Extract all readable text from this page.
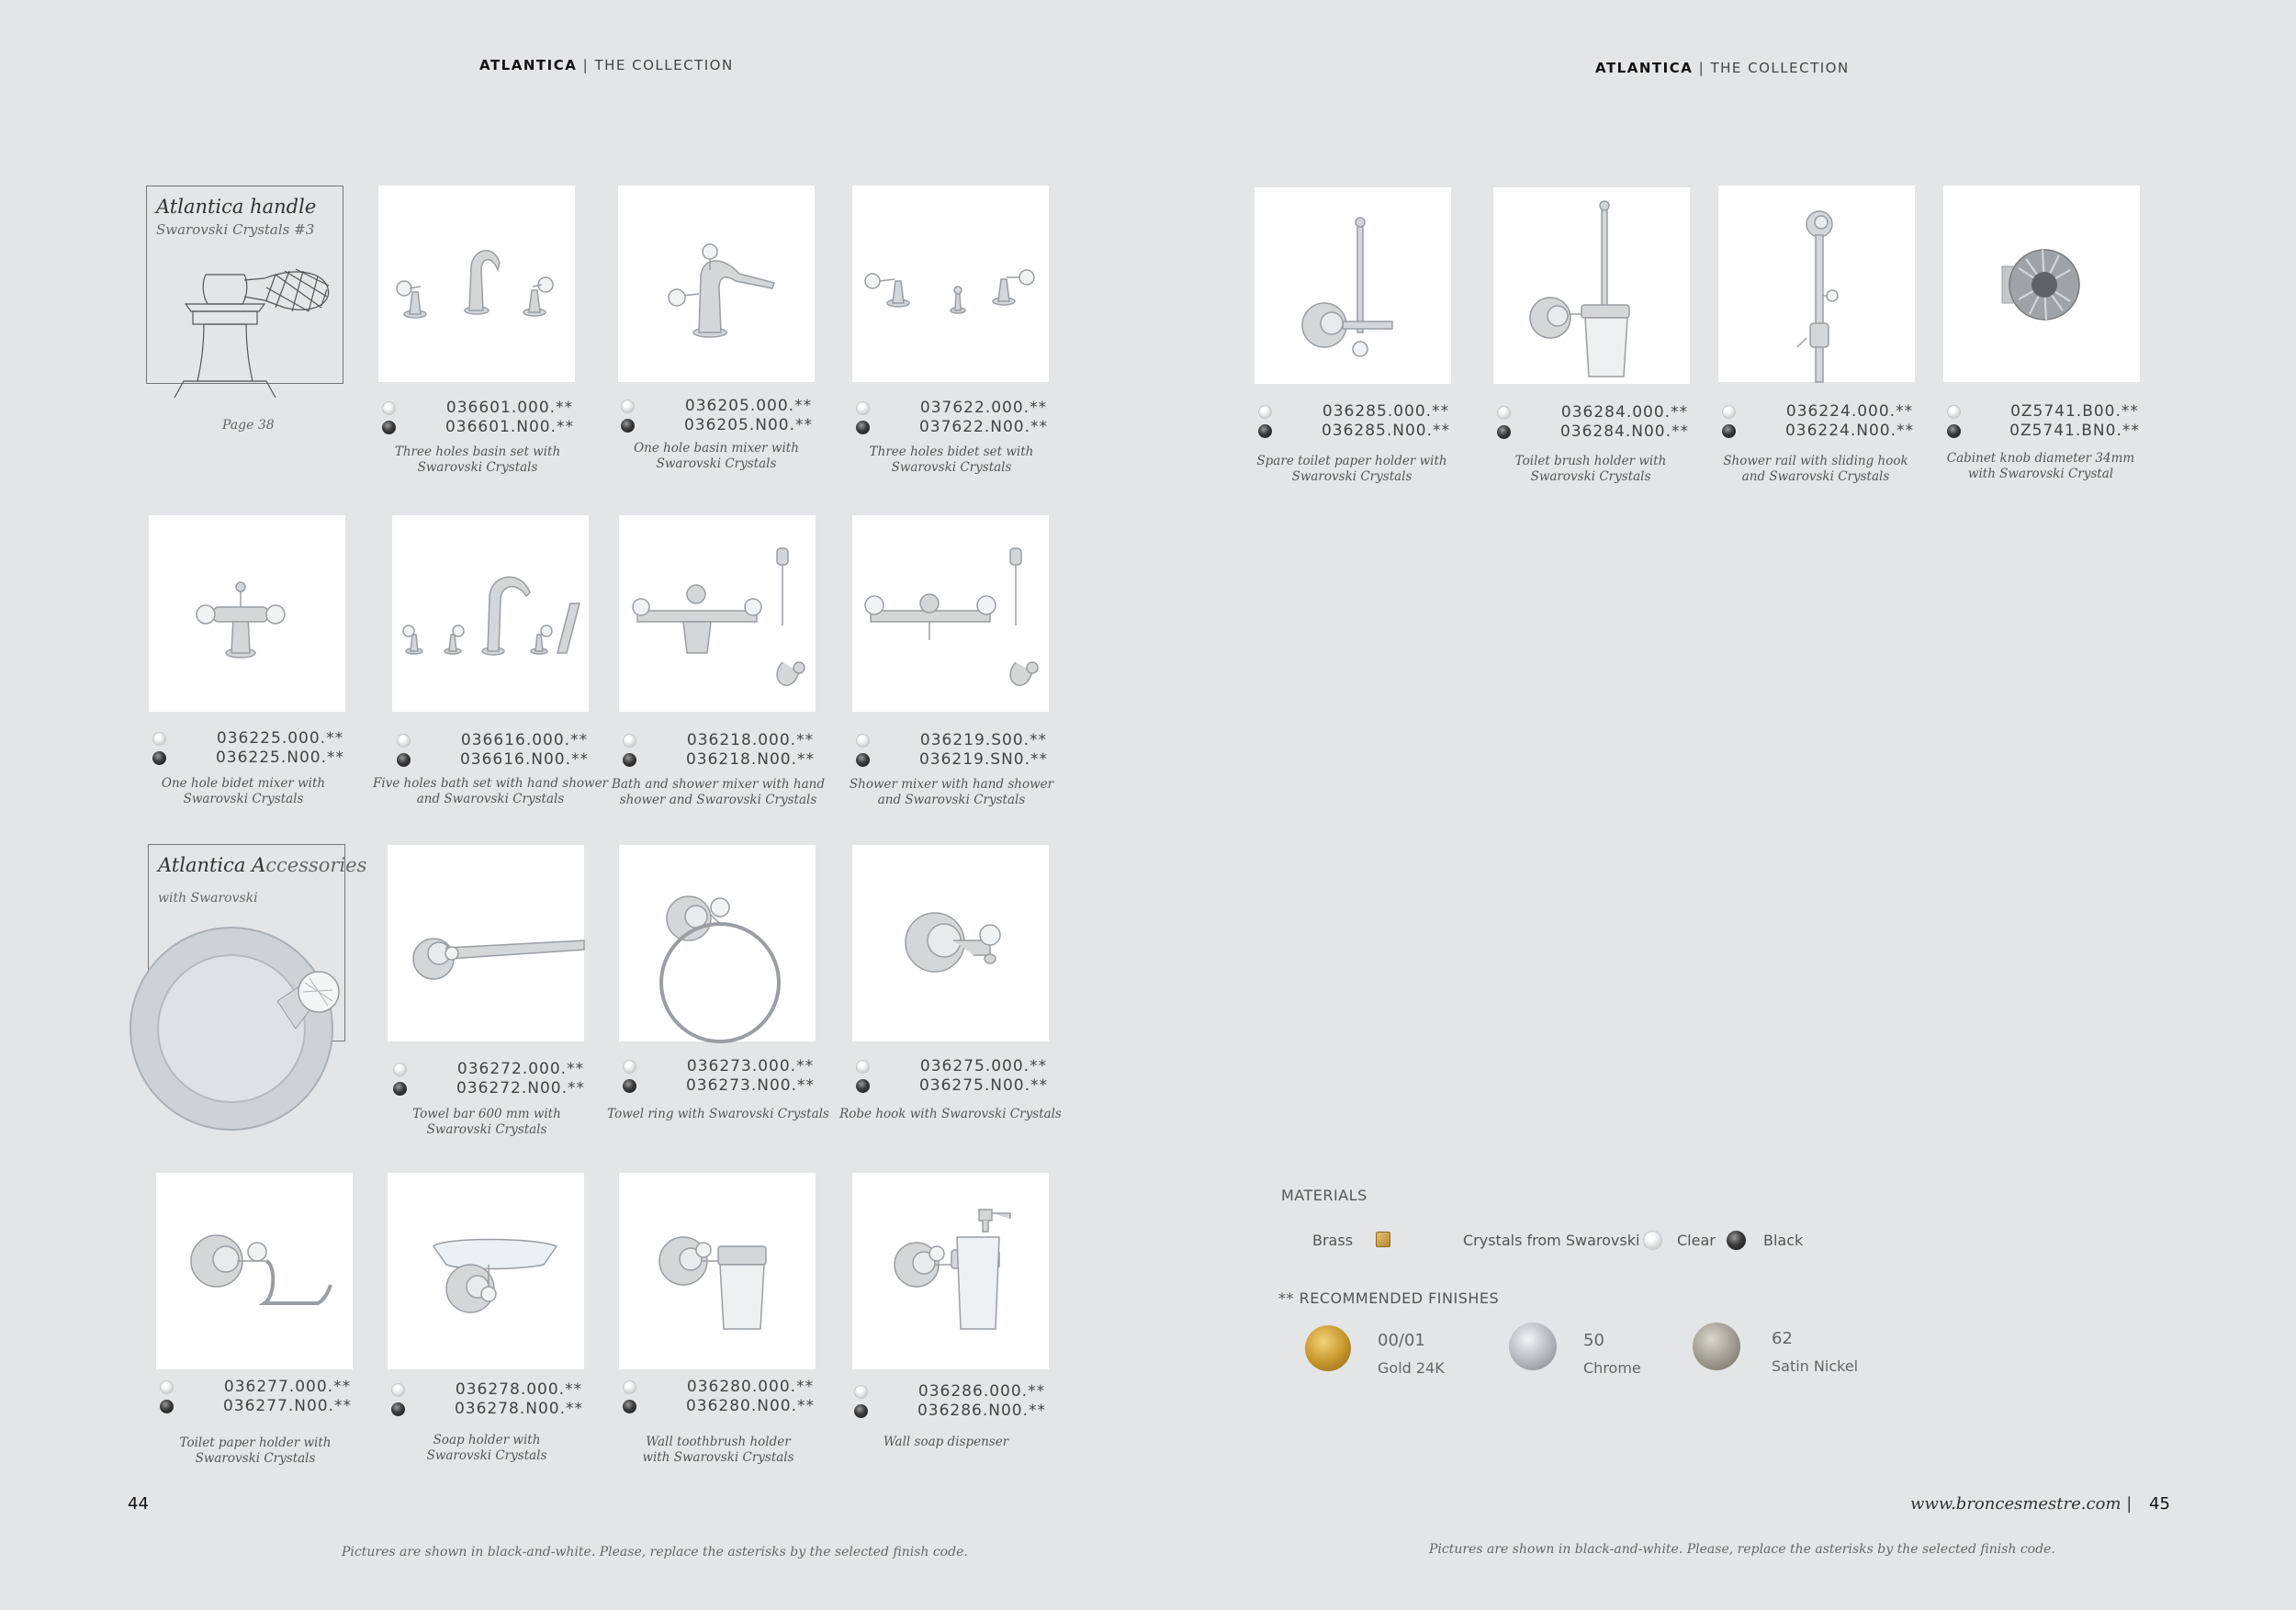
ATLANTICA | THE COLLECTION
Atlantica handle
Swarovski Crystals #3
Page 38
036601.000.**
036601.N00.**
Three holes basin set with
Swarovski Crystals
036205.000.**
036205.N00.**
One hole basin mixer with
Swarovski Crystals
037622.000.**
037622.N00.**
Three holes bidet set with
Swarovski Crystals
036225.000.**
036225.N00.**
One hole bidet mixer with
Swarovski Crystals
036616.000.**
036616.N00.**
Five holes bath set with hand shower
and Swarovski Crystals
036218.000.**
036218.N00.**
Bath and shower mixer with hand
shower and Swarovski Crystals
036219.S00.**
036219.SN0.**
Shower mixer with hand shower
and Swarovski Crystals
Atlantica Accessories
with Swarovski
036272.000.**
036272.N00.**
Towel bar 600 mm with
Swarovski Crystals
036273.000.**
036273.N00.**
Towel ring with Swarovski Crystals
036275.000.**
036275.N00.**
Robe hook with Swarovski Crystals
036277.000.**
036277.N00.**
Toilet paper holder with
Swarovski Crystals
036278.000.**
036278.N00.**
Soap holder with
Swarovski Crystals
036280.000.**
036280.N00.**
Wall toothbrush holder
with Swarovski Crystals
036286.000.**
036286.N00.**
Wall soap dispenser
44
Pictures are shown in black-and-white. Please, replace the asterisks by the selected finish code.
ATLANTICA | THE COLLECTION
036285.000.**
036285.N00.**
Spare toilet paper holder with
Swarovski Crystals
036284.000.**
036284.N00.**
Toilet brush holder with
Swarovski Crystals
036224.000.**
036224.N00.**
Shower rail with sliding hook
and Swarovski Crystals
0Z5741.B00.**
0Z5741.BN0.**
Cabinet knob diameter 34mm
with Swarovski Crystal
MATERIALS
Brass	Crystals from Swarovski	Clear	Black
** RECOMMENDED FINISHES
00/01
Gold 24K
50
Chrome
62
Satin Nickel
www.broncesmestre.com | 45
Pictures are shown in black-and-white. Please, replace the asterisks by the selected finish code.
